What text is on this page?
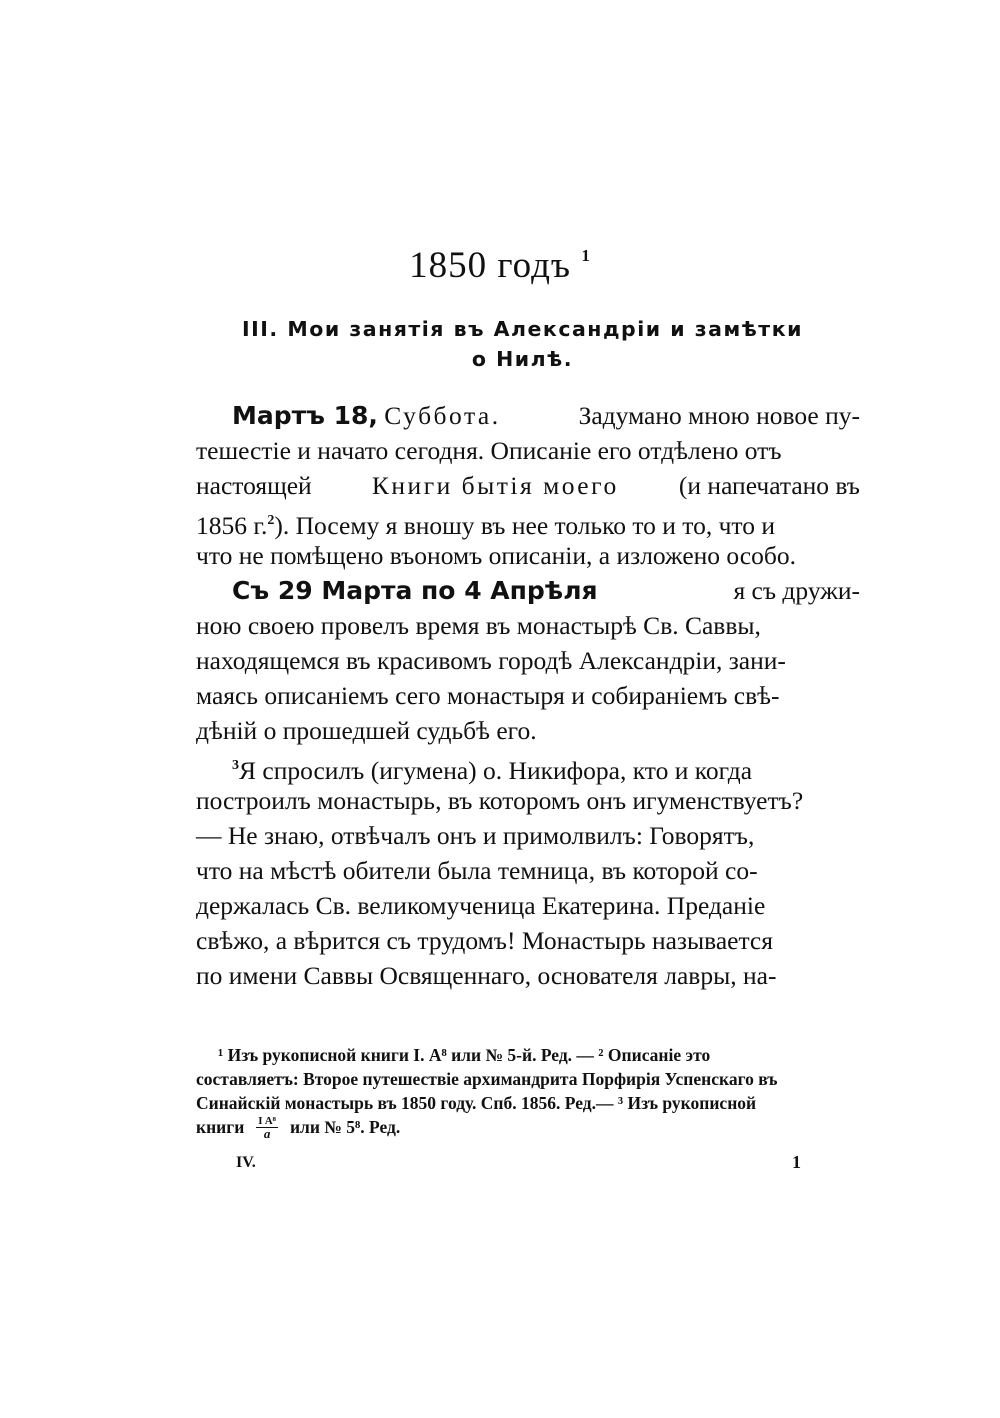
1850 годъ $^1$
III. Мои занятія въ Александріи и замѣтки
о Нилѣ.
Мартъ 18, Суббота.	Задумано мною новое пу-
тешестіе и начато сегодня. Описаніе его отдѣлено отъ
настоящей Книги бытія моего (и напечатано въ
1856 г.$^2$). Посему я вношу въ нее только то и то, что и
что не помѣщено въономъ описаніи, а изложено особо.
Съ 29 Марта по 4 Апрѣля	я съ дружи-
ною своею провелъ время въ монастырѣ Св. Саввы,
находящемся въ красивомъ городѣ Александріи, зани-
маясь описаніемъ сего монастыря и собираніемъ свѣ-
дѣній о прошедшей судьбѣ его.
$^3$Я спросилъ (игумена) о. Никифора, кто и когда
построилъ монастырь, въ которомъ онъ игуменствуетъ?
— Не знаю, отвѣчалъ онъ и примолвилъ: Говорятъ,
что на мѣстѣ обители была темница, въ которой со-
держалась Св. великомученица Екатерина. Преданіе
свѣжо, а вѣрится съ трудомъ! Монастырь называется
по имени Саввы Освященнаго, основателя лавры, на-
¹ Изъ рукописной книги I. А⁸ или № 5-й. Ред. — ² Описаніе это
составляетъ: Второе путешествіе архимандрита Порфирія Успенскаго въ
Синайскій монастырь въ 1850 году. Спб. 1856. Ред.— ³ Изъ рукописной
книги $\frac{\text{I A⁸}}{а}$ или № 5⁸. Ред.
IV.	1
